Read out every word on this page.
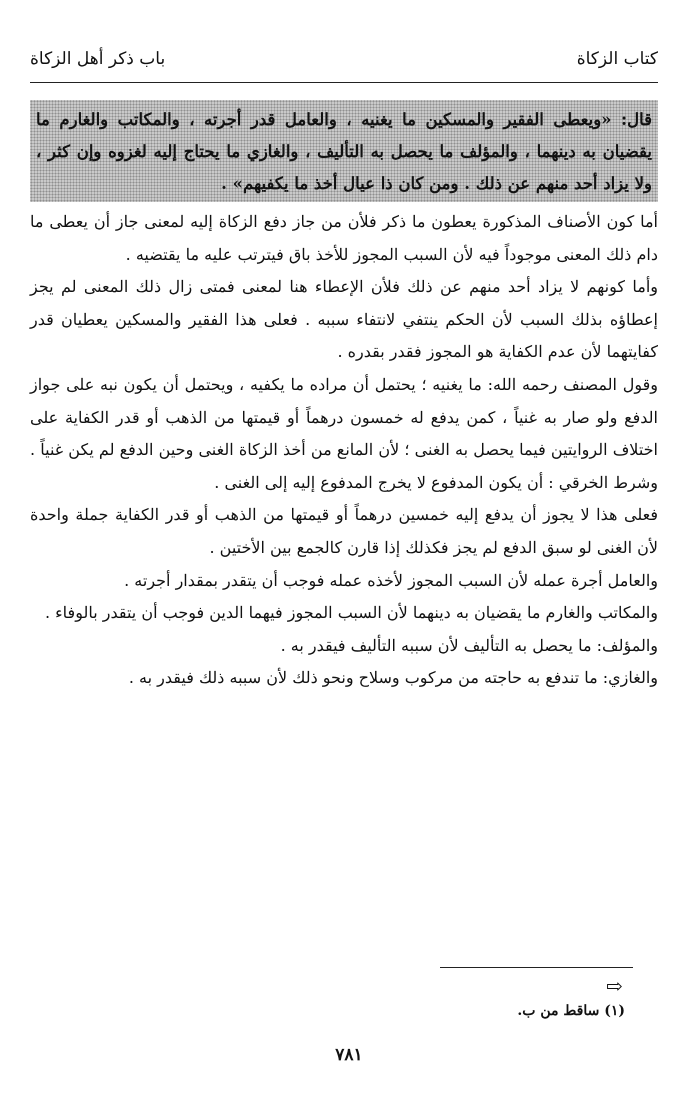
كتاب الزكاة
باب ذكر أهل الزكاة
قال: «ويعطى الفقير والمسكين ما يغنيه ، والعامل قدر أجرته ، والمكاتب والغارم ما يقضيان به دينهما ، والمؤلف ما يحصل به التأليف ، والغازي ما يحتاج إليه لغزوه وإن كثر ، ولا يزاد أحد منهم عن ذلك . ومن كان ذا عيال أخذ ما يكفيهم» .

أما كون الأصناف المذكورة يعطون ما ذكر فلأن من جاز دفع الزكاة إليه لمعنى جاز أن يعطى ما دام ذلك المعنى موجوداً فيه لأن السبب المجوز للأخذ باق فيترتب عليه ما يقتضيه .

وأما كونهم لا يزاد أحد منهم عن ذلك فلأن الإعطاء هنا لمعنى فمتى زال ذلك المعنى لم يجز إعطاؤه بذلك السبب لأن الحكم ينتفي لانتفاء سببه . فعلى هذا الفقير والمسكين يعطيان قدر كفايتهما لأن عدم الكفاية هو المجوز فقدر بقدره .

وقول المصنف رحمه الله: ما يغنيه ؛ يحتمل أن مراده ما يكفيه ، ويحتمل أن يكون نبه على جواز الدفع ولو صار به غنياً ، كمن يدفع له خمسون درهماً أو قيمتها من الذهب أو قدر الكفاية على اختلاف الروايتين فيما يحصل به الغنى ؛ لأن المانع من أخذ الزكاة الغنى وحين الدفع لم يكن غنياً . وشرط الخرقي : أن يكون المدفوع لا يخرج المدفوع إليه إلى الغنى .

فعلى هذا لا يجوز أن يدفع إليه خمسين درهماً أو قيمتها من الذهب أو قدر الكفاية جملة واحدة لأن الغنى لو سبق الدفع لم يجز فكذلك إذا قارن كالجمع بين الأختين .

والعامل أجرة عمله لأن السبب المجوز لأخذه عمله فوجب أن يتقدر بمقدار أجرته .

والمكاتب والغارم ما يقضيان به دينهما لأن السبب المجوز فيهما الدين فوجب أن يتقدر بالوفاء .

والمؤلف: ما يحصل به التأليف لأن سببه التأليف فيقدر به .

والغازي: ما تندفع به حاجته من مركوب وسلاح ونحو ذلك لأن سببه ذلك فيقدر به .

⇨
(١) ساقط من ب.
٧٨١
